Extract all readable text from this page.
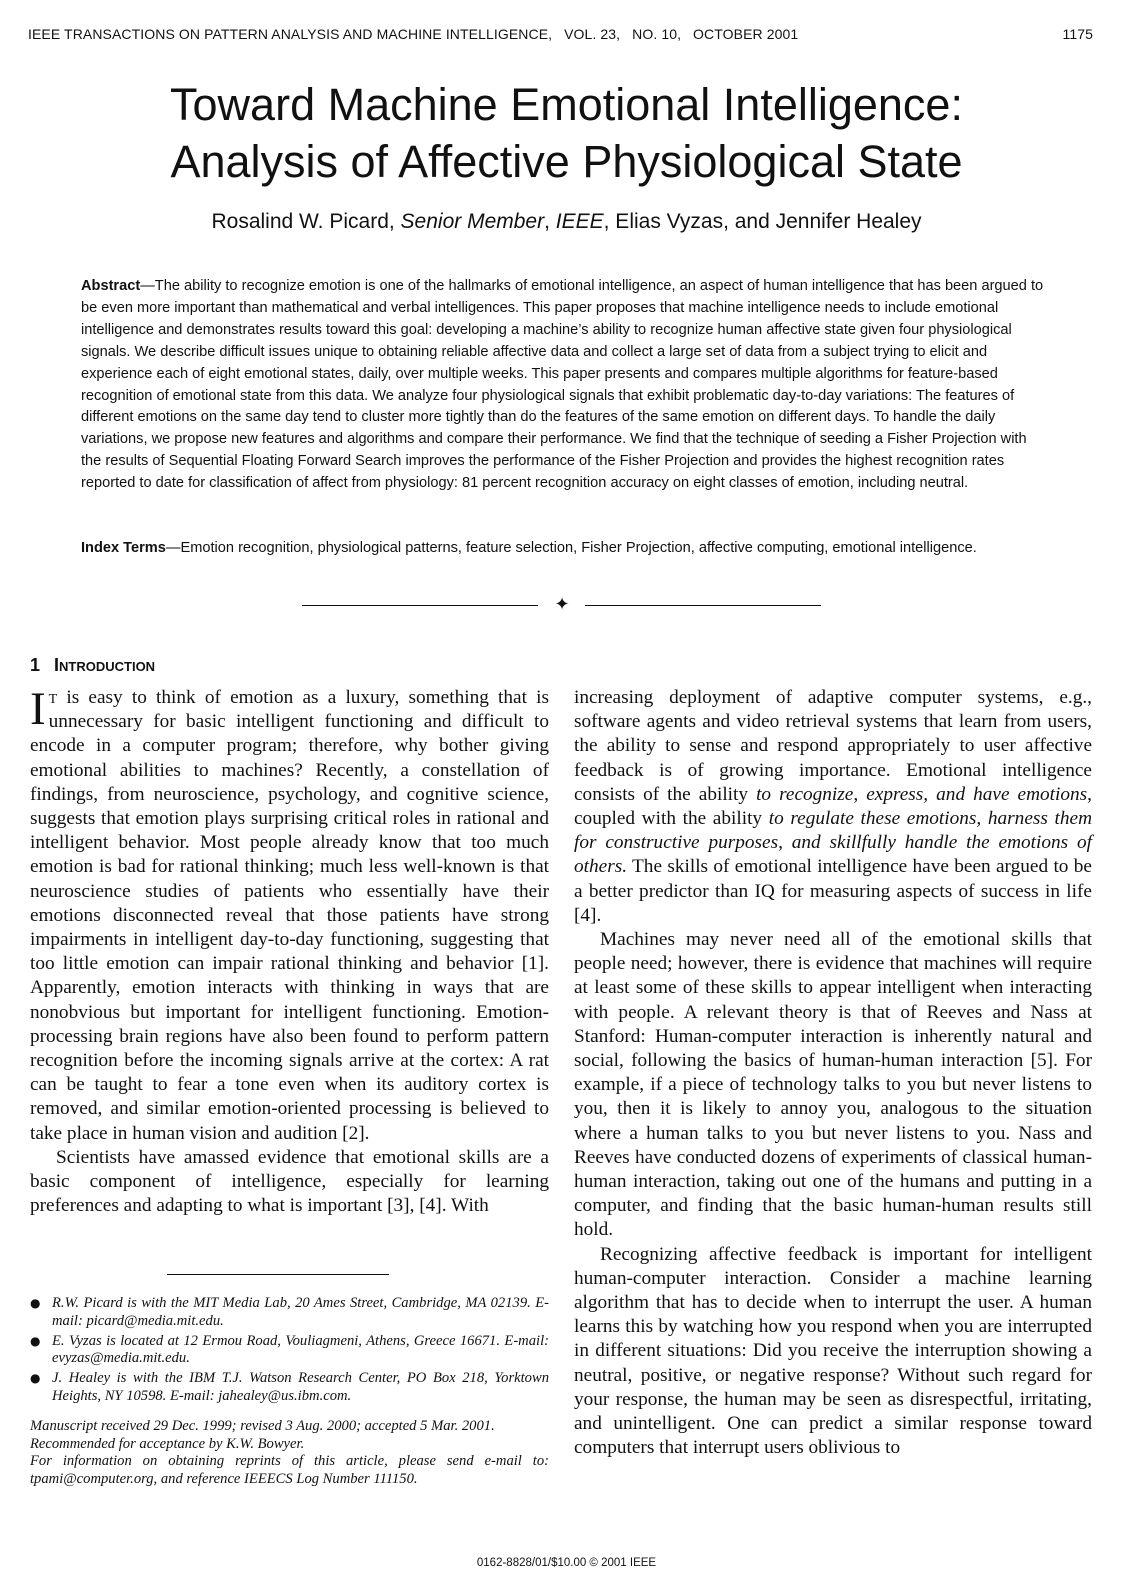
IEEE TRANSACTIONS ON PATTERN ANALYSIS AND MACHINE INTELLIGENCE,   VOL. 23,   NO. 10,   OCTOBER 2001	1175
Toward Machine Emotional Intelligence:
Analysis of Affective Physiological State
Rosalind W. Picard, Senior Member, IEEE, Elias Vyzas, and Jennifer Healey

Abstract—The ability to recognize emotion is one of the hallmarks of emotional intelligence, an aspect of human intelligence that has been argued to be even more important than mathematical and verbal intelligences. This paper proposes that machine intelligence needs to include emotional intelligence and demonstrates results toward this goal: developing a machine’s ability to recognize human affective state given four physiological signals. We describe difficult issues unique to obtaining reliable affective data and collect a large set of data from a subject trying to elicit and experience each of eight emotional states, daily, over multiple weeks. This paper presents and compares multiple algorithms for feature-based recognition of emotional state from this data. We analyze four physiological signals that exhibit problematic day-to-day variations: The features of different emotions on the same day tend to cluster more tightly than do the features of the same emotion on different days. To handle the daily variations, we propose new features and algorithms and compare their performance. We find that the technique of seeding a Fisher Projection with the results of Sequential Floating Forward Search improves the performance of the Fisher Projection and provides the highest recognition rates reported to date for classification of affect from physiology: 81 percent recognition accuracy on eight classes of emotion, including neutral.

Index Terms—Emotion recognition, physiological patterns, feature selection, Fisher Projection, affective computing, emotional intelligence.

✦
1 Introduction

It is easy to think of emotion as a luxury, something that is unnecessary for basic intelligent functioning and difficult to encode in a computer program; therefore, why bother giving emotional abilities to machines? Recently, a constellation of findings, from neuroscience, psychology, and cognitive science, suggests that emotion plays surprising critical roles in rational and intelligent behavior. Most people already know that too much emotion is bad for rational thinking; much less well-known is that neuroscience studies of patients who essentially have their emotions disconnected reveal that those patients have strong impairments in intelligent day-to-day functioning, suggesting that too little emotion can impair rational thinking and behavior [1]. Apparently, emotion interacts with thinking in ways that are nonobvious but important for intelligent functioning. Emotion-processing brain regions have also been found to perform pattern recognition before the incoming signals arrive at the cortex: A rat can be taught to fear a tone even when its auditory cortex is removed, and similar emotion-oriented processing is believed to take place in human vision and audition [2].

Scientists have amassed evidence that emotional skills are a basic component of intelligence, especially for learning preferences and adapting to what is important [3], [4]. With

increasing deployment of adaptive computer systems, e.g., software agents and video retrieval systems that learn from users, the ability to sense and respond appropriately to user affective feedback is of growing importance. Emotional intelligence consists of the ability to recognize, express, and have emotions, coupled with the ability to regulate these emotions, harness them for constructive purposes, and skillfully handle the emotions of others. The skills of emotional intelligence have been argued to be a better predictor than IQ for measuring aspects of success in life [4].

Machines may never need all of the emotional skills that people need; however, there is evidence that machines will require at least some of these skills to appear intelligent when interacting with people. A relevant theory is that of Reeves and Nass at Stanford: Human-computer interaction is inherently natural and social, following the basics of human-human interaction [5]. For example, if a piece of technology talks to you but never listens to you, then it is likely to annoy you, analogous to the situation where a human talks to you but never listens to you. Nass and Reeves have conducted dozens of experiments of classical human-human interaction, taking out one of the humans and putting in a computer, and finding that the basic human-human results still hold.

Recognizing affective feedback is important for intelligent human-computer interaction. Consider a machine learning algorithm that has to decide when to interrupt the user. A human learns this by watching how you respond when you are interrupted in different situations: Did you receive the interruption showing a neutral, positive, or negative response? Without such regard for your response, the human may be seen as disrespectful, irritating, and unintelligent. One can predict a similar response toward computers that interrupt users oblivious to

● R.W. Picard is with the MIT Media Lab, 20 Ames Street, Cambridge, MA 02139. E-mail: picard@media.mit.edu.
● E. Vyzas is located at 12 Ermou Road, Vouliagmeni, Athens, Greece 16671. E-mail: evyzas@media.mit.edu.
● J. Healey is with the IBM T.J. Watson Research Center, PO Box 218, Yorktown Heights, NY 10598. E-mail: jahealey@us.ibm.com.

Manuscript received 29 Dec. 1999; revised 3 Aug. 2000; accepted 5 Mar. 2001.

Recommended for acceptance by K.W. Bowyer.

For information on obtaining reprints of this article, please send e-mail to: tpami@computer.org, and reference IEEECS Log Number 111150.

0162-8828/01/$10.00 © 2001 IEEE
